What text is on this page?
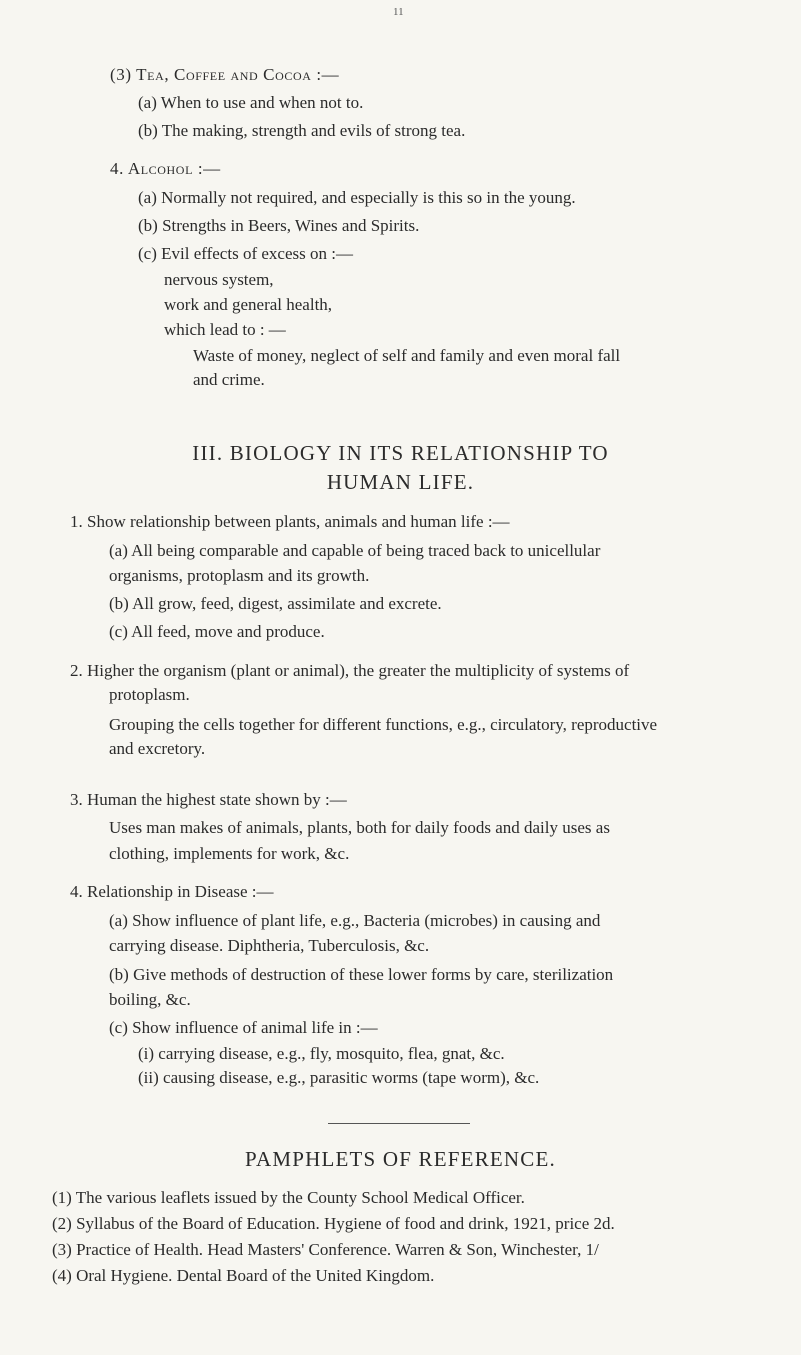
11
(3) Tea, Coffee and Cocoa :—
(a) When to use and when not to.
(b) The making, strength and evils of strong tea.
4. Alcohol :—
(a) Normally not required, and especially is this so in the young.
(b) Strengths in Beers, Wines and Spirits.
(c) Evil effects of excess on :—
nervous system,
work and general health,
which lead to : —
Waste of money, neglect of self and family and even moral fall
and crime.
III. BIOLOGY IN ITS RELATIONSHIP TO
HUMAN LIFE.
1. Show relationship between plants, animals and human life :—
(a) All being comparable and capable of being traced back to unicellular
organisms, protoplasm and its growth.
(b) All grow, feed, digest, assimilate and excrete.
(c) All feed, move and produce.
2. Higher the organism (plant or animal), the greater the multiplicity of systems of
protoplasm.
Grouping the cells together for different functions, e.g., circulatory, reproductive
and excretory.
3. Human the highest state shown by :—
Uses man makes of animals, plants, both for daily foods and daily uses as
clothing, implements for work, &c.
4. Relationship in Disease :—
(a) Show influence of plant life, e.g., Bacteria (microbes) in causing and
carrying disease. Diphtheria, Tuberculosis, &c.
(b) Give methods of destruction of these lower forms by care, sterilization
boiling, &c.
(c) Show influence of animal life in :—
(i) carrying disease, e.g., fly, mosquito, flea, gnat, &c.
(ii) causing disease, e.g., parasitic worms (tape worm), &c.
PAMPHLETS OF REFERENCE.
(1) The various leaflets issued by the County School Medical Officer.
(2) Syllabus of the Board of Education. Hygiene of food and drink, 1921, price 2d.
(3) Practice of Health. Head Masters' Conference. Warren & Son, Winchester, 1/
(4) Oral Hygiene. Dental Board of the United Kingdom.
